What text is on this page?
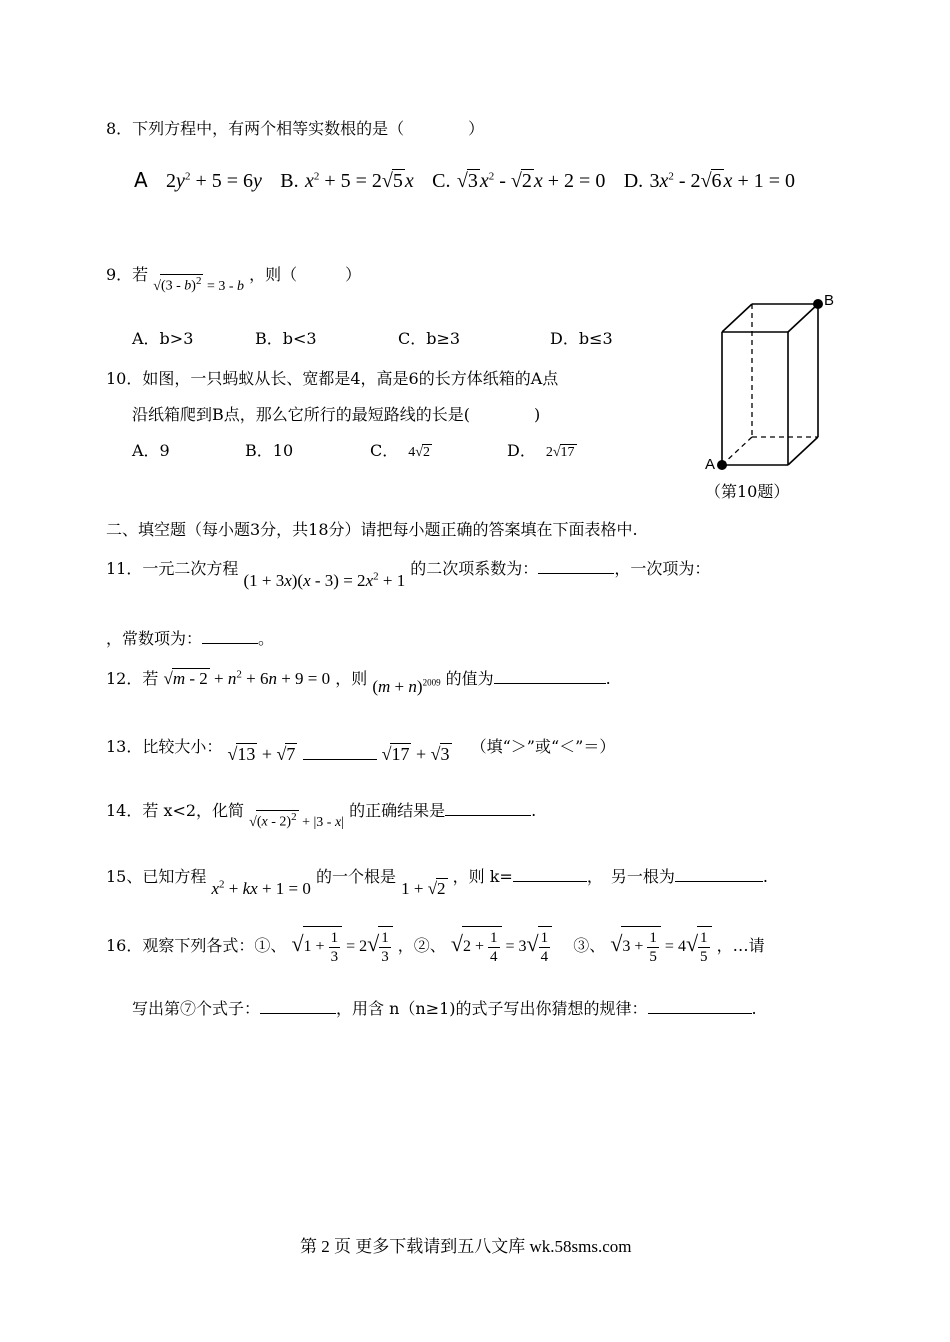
8．下列方程中，有两个相等实数根的是（　　　　）
A $2y^2 + 5 = 6y$ B. $x^2 + 5 = 2√5$ x C. √3 $x^2 - √2$ x + 2 = 0 D. $3x^2 - 2√6$ x + 1 = 0
9．若 √(3 - b)$^2$ = 3 - b ，则（　　　）
A．b>3	B．b<3	C．b≥3	D．b≤3
10．如图，一只蚂蚁从长、宽都是4，高是6的长方体纸箱的A点
沿纸箱爬到B点，那么它所行的最短路线的长是(　　　　)
A．9	B．10	C． 4√2	D． 2√17
A
B
（第10题）
二、填空题（每小题3分，共18分）请把每小题正确的答案填在下面表格中.
11．一元二次方程 $(1 + 3x)(x - 3) = 2x^2 + 1$ 的二次项系数为：	，一次项为：
，常数项为：	。
12．若 $√m - 2 + n^2 + 6n + 9 = 0$ ，则 $(m + n)^{2009}$ 的值为	.
13．比较大小： √13 + √7	√17 + √3 （填“＞”或“＜”＝）
14．若 x<2，化简 √(x - 2)$^2$ + |3 - x| 的正确结果是	.
15、已知方程 $x^2$ + kx + 1 = 0 的一个根是 1 + √2 ，则 k=	，　另一根为	.
16．观察下列各式：①、 $√1 + \frac{1}{3} = 2√ \frac{1}{3}$ ，②、 $√2 + \frac{1}{4} = 3√ \frac{1}{4}$ 　③、 $√3 + \frac{1}{5} = 4√ \frac{1}{5}$ ，…请
写出第⑦个式子：	，用含 n（n≥1)的式子写出你猜想的规律：	.
第 2 页 更多下载请到五八文库 wk.58sms.com
